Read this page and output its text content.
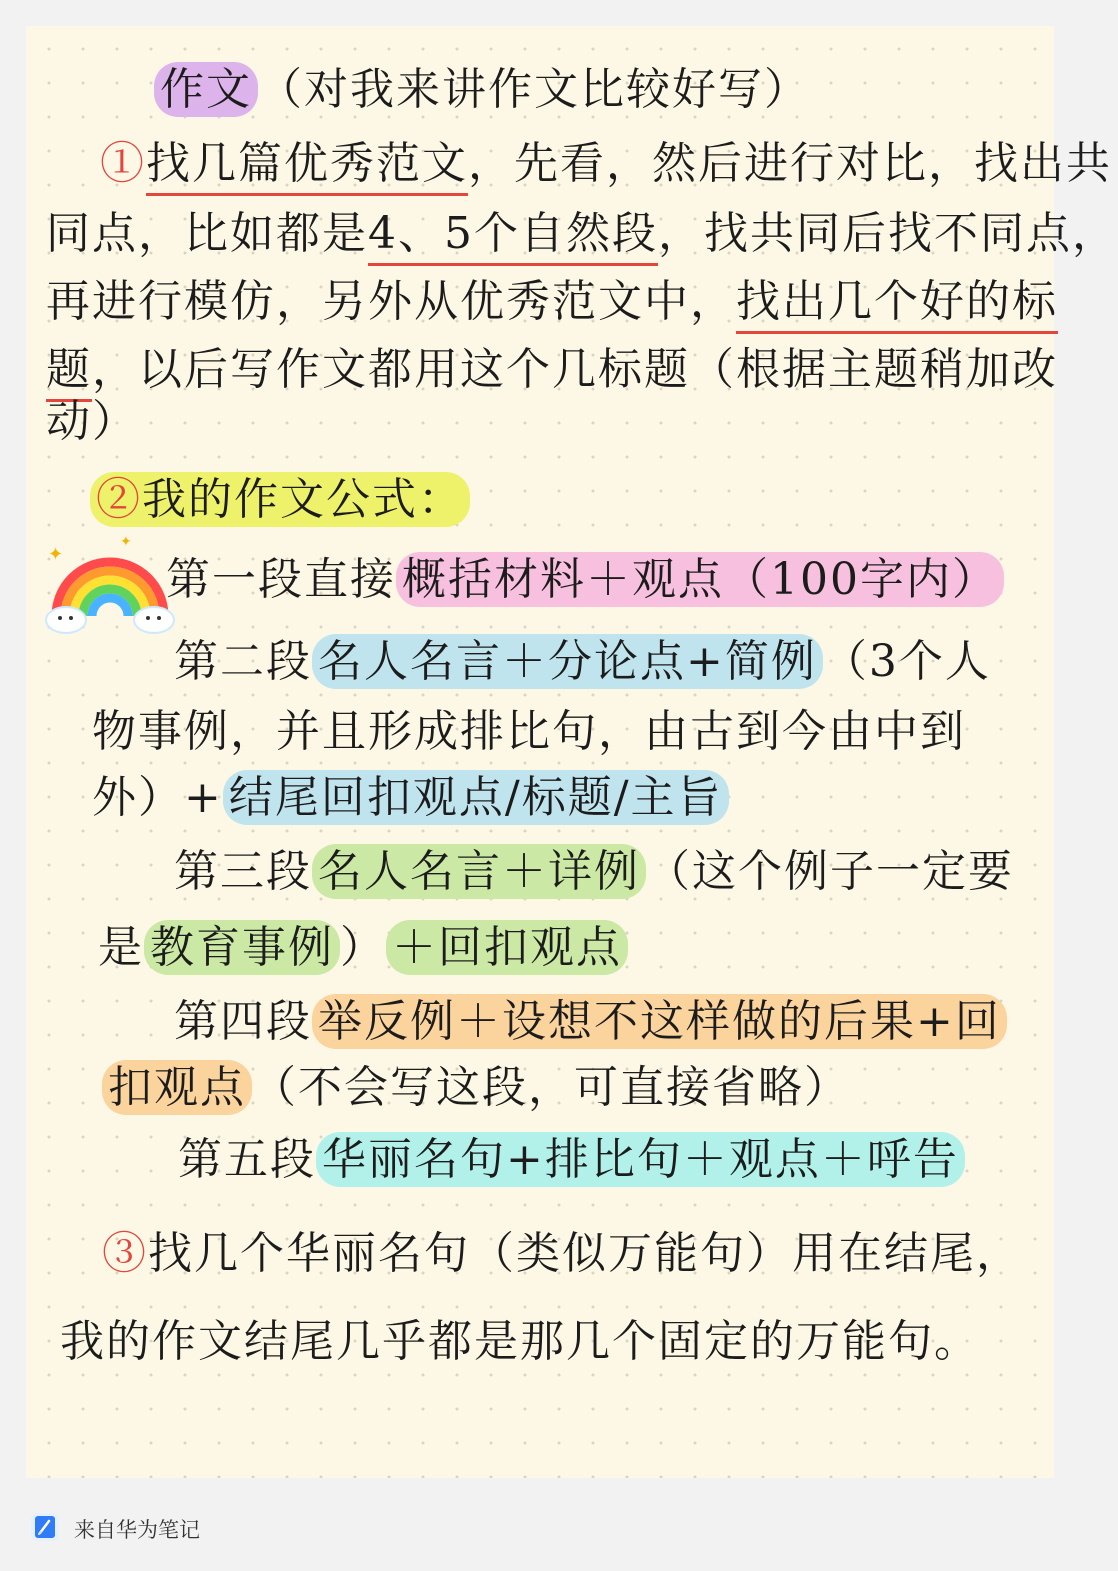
作文 （对我来讲作文比较好写）
①找几篇优秀范文，先看，然后进行对比，找出共
同点，比如都是4、5个自然段，找共同后找不同点，
再进行模仿，另外从优秀范文中，找出几个好的标
题，以后写作文都用这个几标题（根据主题稍加改
动）
②我的作文公式：
✦
✦
第一段直接 概括材料＋观点（100字内）
第二段 名人名言＋分论点+简例 （3个人
物事例，并且形成排比句，由古到今由中到
外）+ 结尾回扣观点/标题/主旨
第三段 名人名言＋详例 （这个例子一定要
是 教育事例 ） ＋回扣观点
第四段 举反例＋设想不这样做的后果+回
扣观点 （不会写这段，可直接省略）
第五段 华丽名句+排比句＋观点＋呼告
③找几个华丽名句（类似万能句）用在结尾，
我的作文结尾几乎都是那几个固定的万能句。
来自华为笔记
